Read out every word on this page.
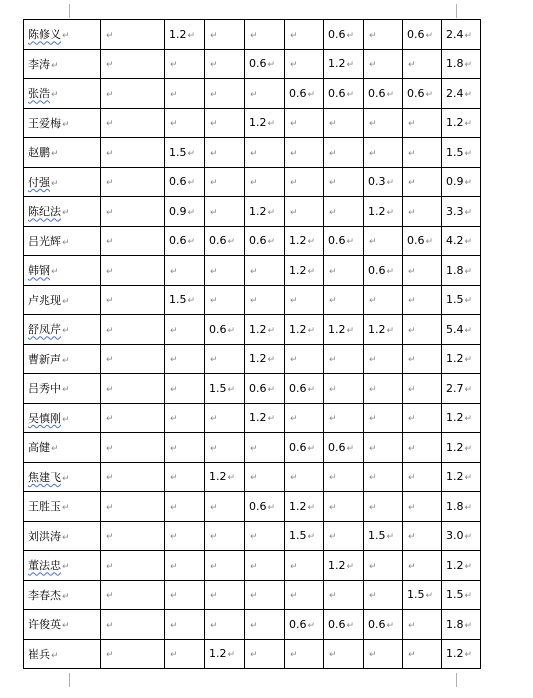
陈修义↵	↵	1.2↵	↵	↵	↵	0.6↵	↵	0.6↵	2.4↵
李涛↵	↵	↵	↵	0.6↵	↵	1.2↵	↵	↵	1.8↵
张浩↵	↵	↵	↵	↵	0.6↵	0.6↵	0.6↵	0.6↵	2.4↵
王爱梅↵	↵	↵	↵	1.2↵	↵	↵	↵	↵	1.2↵
赵鹏↵	↵	1.5↵	↵	↵	↵	↵	↵	↵	1.5↵
付强↵	↵	0.6↵	↵	↵	↵	↵	0.3↵	↵	0.9↵
陈纪法↵	↵	0.9↵	↵	1.2↵	↵	↵	1.2↵	↵	3.3↵
吕光辉↵	↵	0.6↵	0.6↵	0.6↵	1.2↵	0.6↵	↵	0.6↵	4.2↵
韩钢↵	↵	↵	↵	↵	1.2↵	↵	0.6↵	↵	1.8↵
卢兆现↵	↵	1.5↵	↵	↵	↵	↵	↵	↵	1.5↵
舒凤芹↵	↵	↵	0.6↵	1.2↵	1.2↵	1.2↵	1.2↵	↵	5.4↵
曹新声↵	↵	↵	↵	1.2↵	↵	↵	↵	↵	1.2↵
吕秀中↵	↵	↵	1.5↵	0.6↵	0.6↵	↵	↵	↵	2.7↵
吴慎刚↵	↵	↵	↵	1.2↵	↵	↵	↵	↵	1.2↵
高健↵	↵	↵	↵	↵	0.6↵	0.6↵	↵	↵	1.2↵
焦建飞↵	↵	↵	1.2↵	↵	↵	↵	↵	↵	1.2↵
王胜玉↵	↵	↵	↵	0.6↵	1.2↵	↵	↵	↵	1.8↵
刘洪涛↵	↵	↵	↵	↵	1.5↵	↵	1.5↵	↵	3.0↵
董法忠↵	↵	↵	↵	↵	↵	1.2↵	↵	↵	1.2↵
李春杰↵	↵	↵	↵	↵	↵	↵	↵	1.5↵	1.5↵
许俊英↵	↵	↵	↵	↵	0.6↵	0.6↵	0.6↵	↵	1.8↵
崔兵↵	↵	↵	1.2↵	↵	↵	↵	↵	↵	1.2↵
